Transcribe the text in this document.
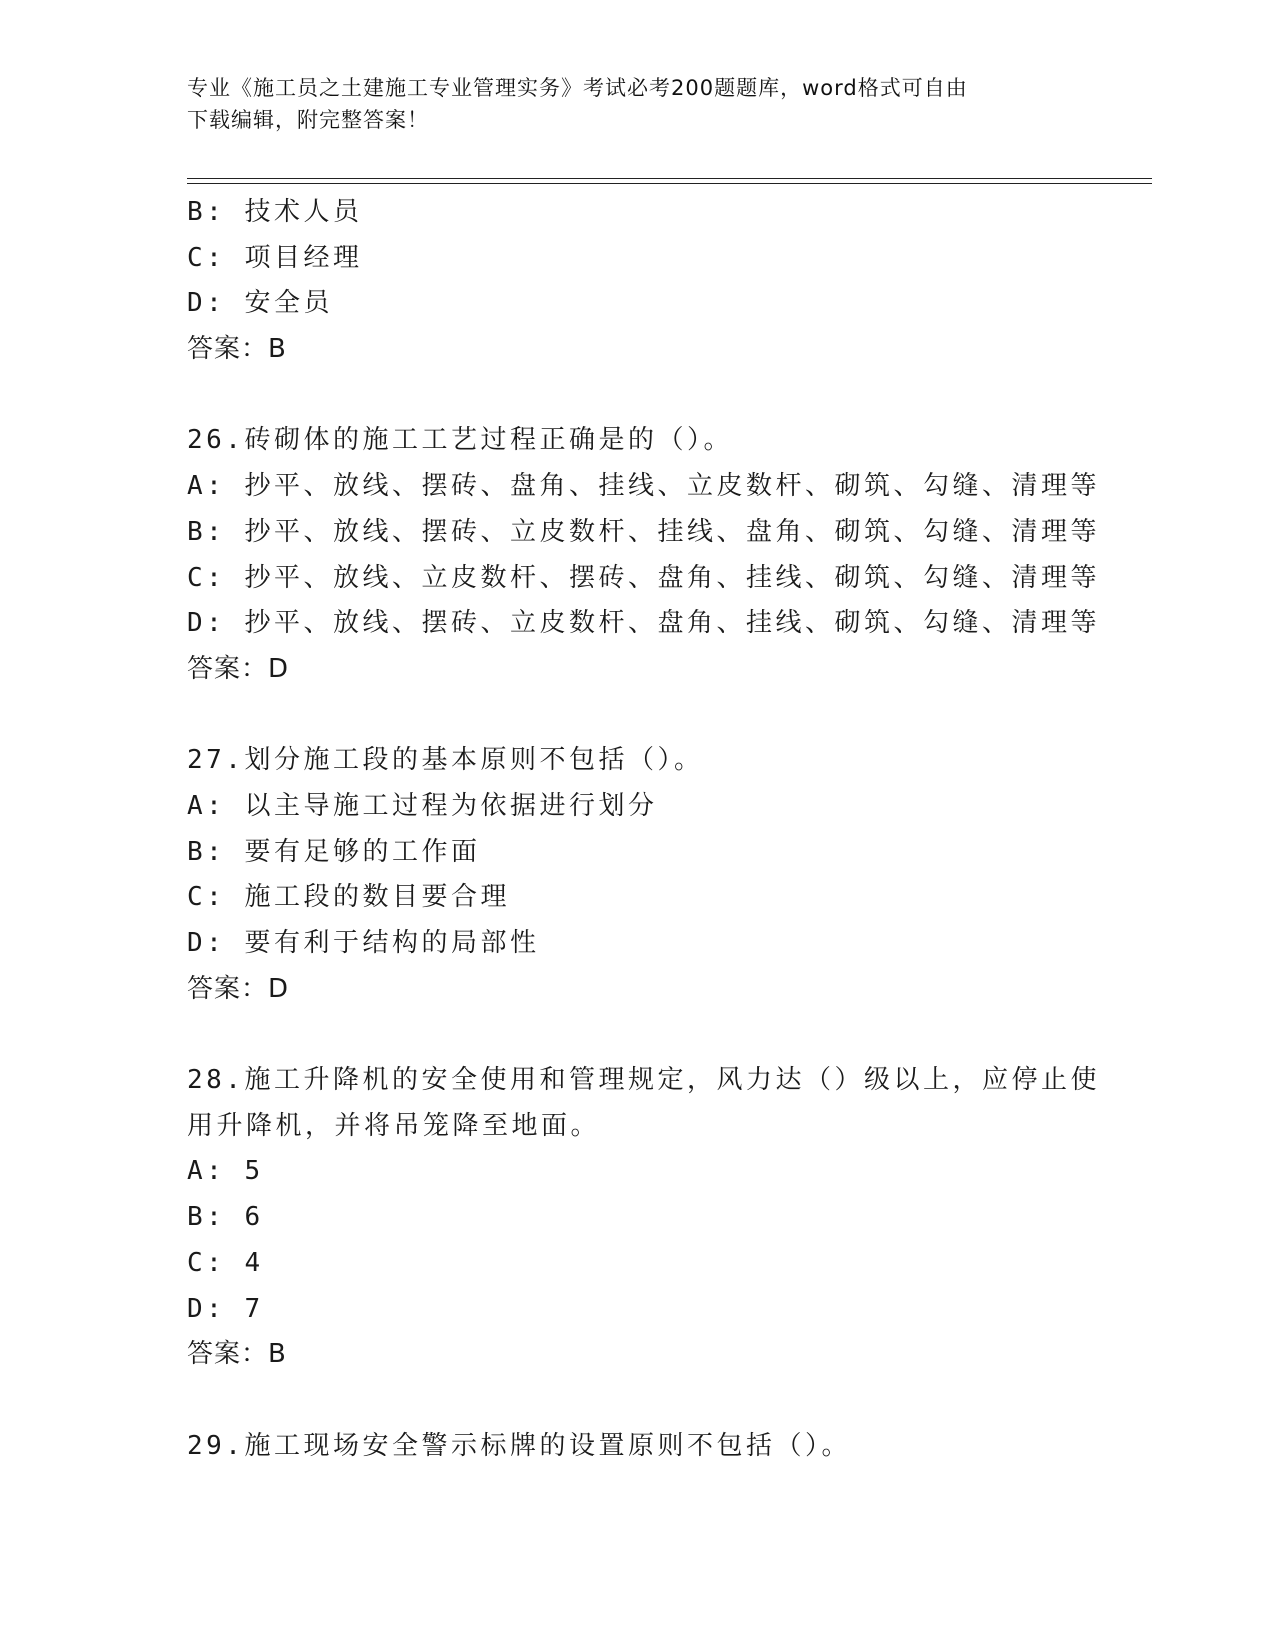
专业《施工员之土建施工专业管理实务》考试必考200题题库，word格式可自由
下载编辑，附完整答案！
B: 技术人员
C: 项目经理
D: 安全员
答案：B
26.砖砌体的施工工艺过程正确是的（）。
A: 抄平、放线、摆砖、盘角、挂线、立皮数杆、砌筑、勾缝、清理等
B: 抄平、放线、摆砖、立皮数杆、挂线、盘角、砌筑、勾缝、清理等
C: 抄平、放线、立皮数杆、摆砖、盘角、挂线、砌筑、勾缝、清理等
D: 抄平、放线、摆砖、立皮数杆、盘角、挂线、砌筑、勾缝、清理等
答案：D
27.划分施工段的基本原则不包括（）。
A: 以主导施工过程为依据进行划分
B: 要有足够的工作面
C: 施工段的数目要合理
D: 要有利于结构的局部性
答案：D
28.施工升降机的安全使用和管理规定，风力达（）级以上，应停止使
用升降机，并将吊笼降至地面。
A: 5
B: 6
C: 4
D: 7
答案：B
29.施工现场安全警示标牌的设置原则不包括（）。
